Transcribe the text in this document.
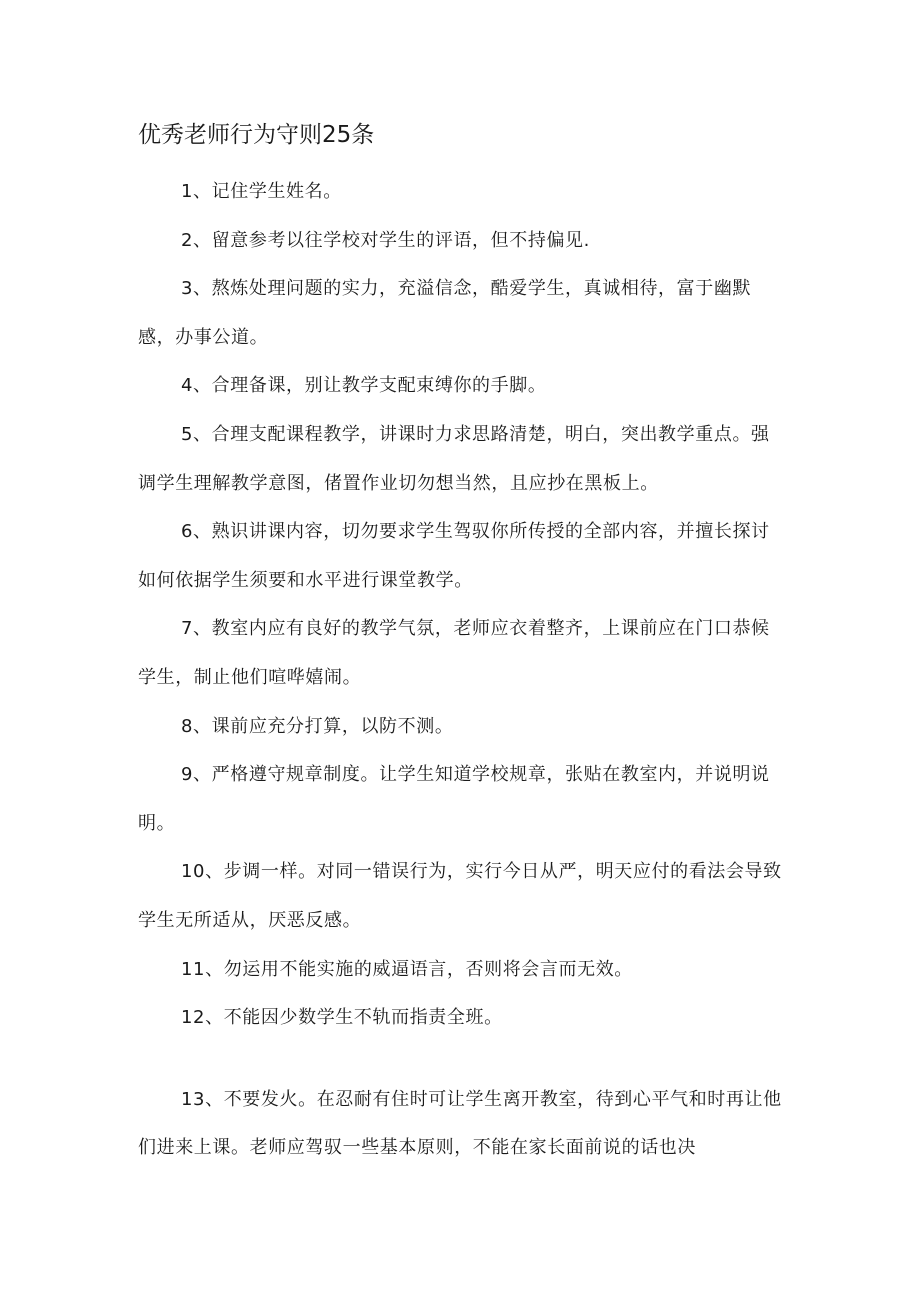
优秀老师行为守则25条
1、记住学生姓名。
2、留意参考以往学校对学生的评语，但不持偏见.
3、熬炼处理问题的实力，充溢信念，酷爱学生，真诚相待，富于幽默感，办事公道。
4、合理备课，别让教学支配束缚你的手脚。
5、合理支配课程教学，讲课时力求思路清楚，明白，突出教学重点。强调学生理解教学意图，偖置作业切勿想当然，且应抄在黑板上。
6、熟识讲课内容，切勿要求学生驾驭你所传授的全部内容，并擅长探讨如何依据学生须要和水平进行课堂教学。
7、教室内应有良好的教学气氛，老师应衣着整齐，上课前应在门口恭候学生，制止他们喧哗嬉闹。
8、课前应充分打算，以防不测。
9、严格遵守规章制度。让学生知道学校规章，张贴在教室内，并说明说明。
10、步调一样。对同一错误行为，实行今日从严，明天应付的看法会导致学生无所适从，厌恶反感。
11、勿运用不能实施的威逼语言，否则将会言而无效。
12、不能因少数学生不轨而指责全班。
13、不要发火。在忍耐有住时可让学生离开教室，待到心平气和时再让他们进来上课。老师应驾驭一些基本原则，不能在家长面前说的话也决
